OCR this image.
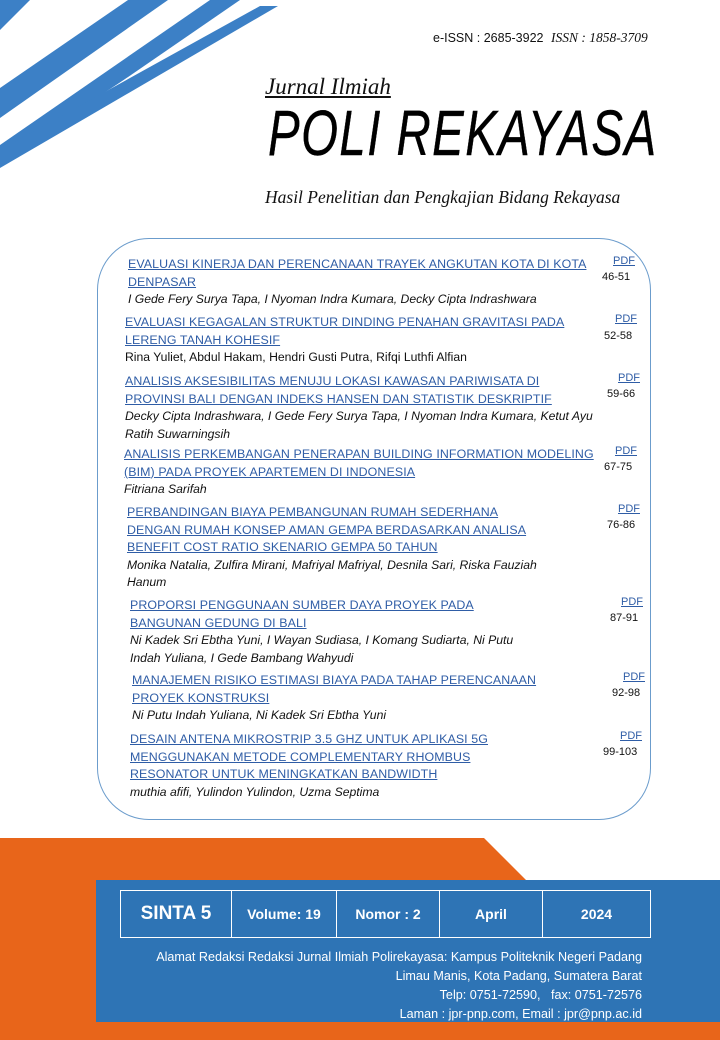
e-ISSN : 2685-3922 ISSN : 1858-3709
Jurnal Ilmiah
POLI REKAYASA
Hasil Penelitian dan Pengkajian Bidang Rekayasa
EVALUASI KINERJA DAN PERENCANAAN TRAYEK ANGKUTAN KOTA DI KOTA DENPASAR
I Gede Fery Surya Tapa, I Nyoman Indra Kumara, Decky Cipta Indrashwara
PDF
46-51
EVALUASI KEGAGALAN STRUKTUR DINDING PENAHAN GRAVITASI PADA LERENG TANAH KOHESIF
Rina Yuliet, Abdul Hakam, Hendri Gusti Putra, Rifqi Luthfi Alfian
PDF
52-58
ANALISIS AKSESIBILITAS MENUJU LOKASI KAWASAN PARIWISATA DI PROVINSI BALI DENGAN INDEKS HANSEN DAN STATISTIK DESKRIPTIF
Decky Cipta Indrashwara, I Gede Fery Surya Tapa, I Nyoman Indra Kumara, Ketut Ayu Ratih Suwarningsih
PDF
59-66
ANALISIS PERKEMBANGAN PENERAPAN BUILDING INFORMATION MODELING (BIM) PADA PROYEK APARTEMEN DI INDONESIA
Fitriana Sarifah
PDF
67-75
PERBANDINGAN BIAYA PEMBANGUNAN RUMAH SEDERHANA DENGAN RUMAH KONSEP AMAN GEMPA BERDASARKAN ANALISA BENEFIT COST RATIO SKENARIO GEMPA 50 TAHUN
Monika Natalia, Zulfira Mirani, Mafriyal Mafriyal, Desnila Sari, Riska Fauziah Hanum
PDF
76-86
PROPORSI PENGGUNAAN SUMBER DAYA PROYEK PADA BANGUNAN GEDUNG DI BALI
Ni Kadek Sri Ebtha Yuni, I Wayan Sudiasa, I Komang Sudiarta, Ni Putu Indah Yuliana, I Gede Bambang Wahyudi
PDF
87-91
MANAJEMEN RISIKO ESTIMASI BIAYA PADA TAHAP PERENCANAAN PROYEK KONSTRUKSI
Ni Putu Indah Yuliana, Ni Kadek Sri Ebtha Yuni
PDF
92-98
DESAIN ANTENA MIKROSTRIP 3.5 GHZ UNTUK APLIKASI 5G MENGGUNAKAN METODE COMPLEMENTARY RHOMBUS RESONATOR UNTUK MENINGKATKAN BANDWIDTH
muthia afifi, Yulindon Yulindon, Uzma Septima
PDF
99-103
SINTA 5	Volume: 19	Nomor : 2	April	2024
Alamat Redaksi Redaksi Jurnal Ilmiah Polirekayasa: Kampus Politeknik Negeri Padang
Limau Manis, Kota Padang, Sumatera Barat
Telp: 0751-72590,   fax: 0751-72576
Laman : jpr-pnp.com, Email : jpr@pnp.ac.id
